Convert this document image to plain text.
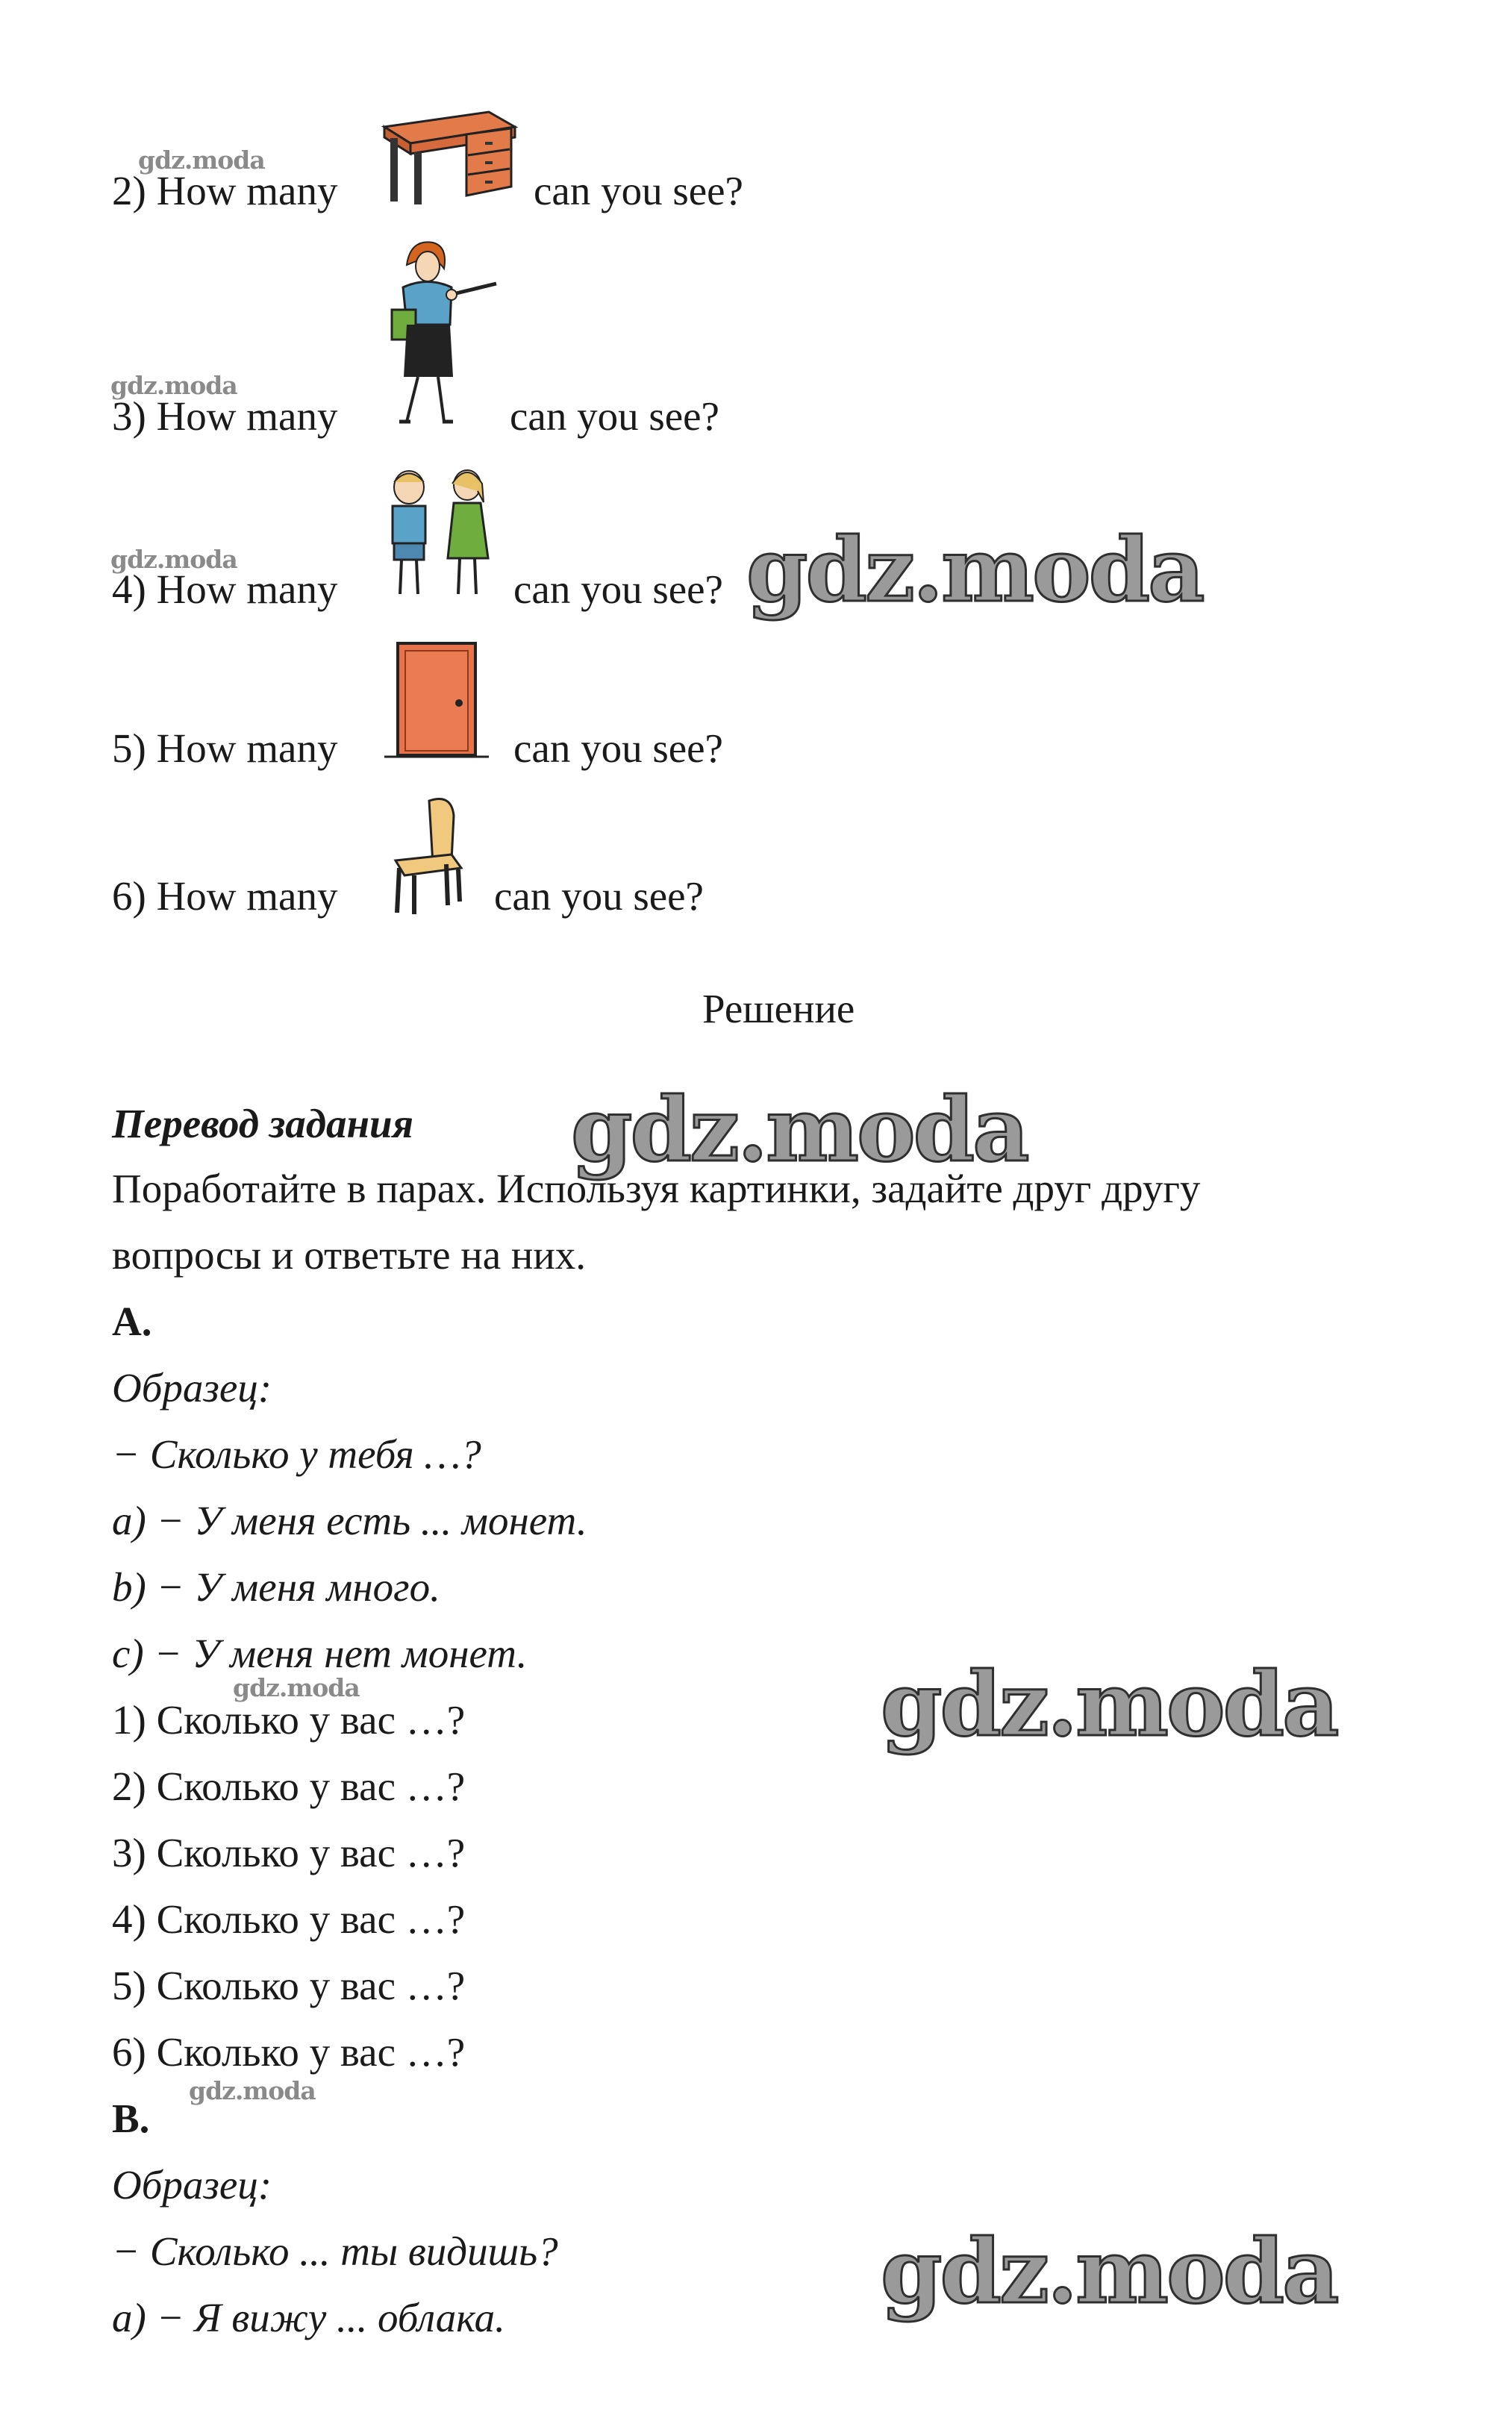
2) How many	can you see?
3) How many	can you see?
4) How many	can you see?
5) How many	can you see?
6) How many	can you see?
Решение
Перевод задания
Поработайте в парах. Используя картинки, задайте друг другу
вопросы и ответьте на них.
A.
Образец:
− Сколько у тебя …?
a) − У меня есть ... монет.
b) − У меня много.
c) − У меня нет монет.
1) Сколько у вас …?
2) Сколько у вас …?
3) Сколько у вас …?
4) Сколько у вас …?
5) Сколько у вас …?
6) Сколько у вас …?
B.
Образец:
− Сколько ... ты видишь?
a) − Я вижу ... облака.
gdz.moda
gdz.moda
gdz.moda
gdz.moda
gdz.moda
gdz.moda
gdz.moda
gdz.moda
gdz.moda
